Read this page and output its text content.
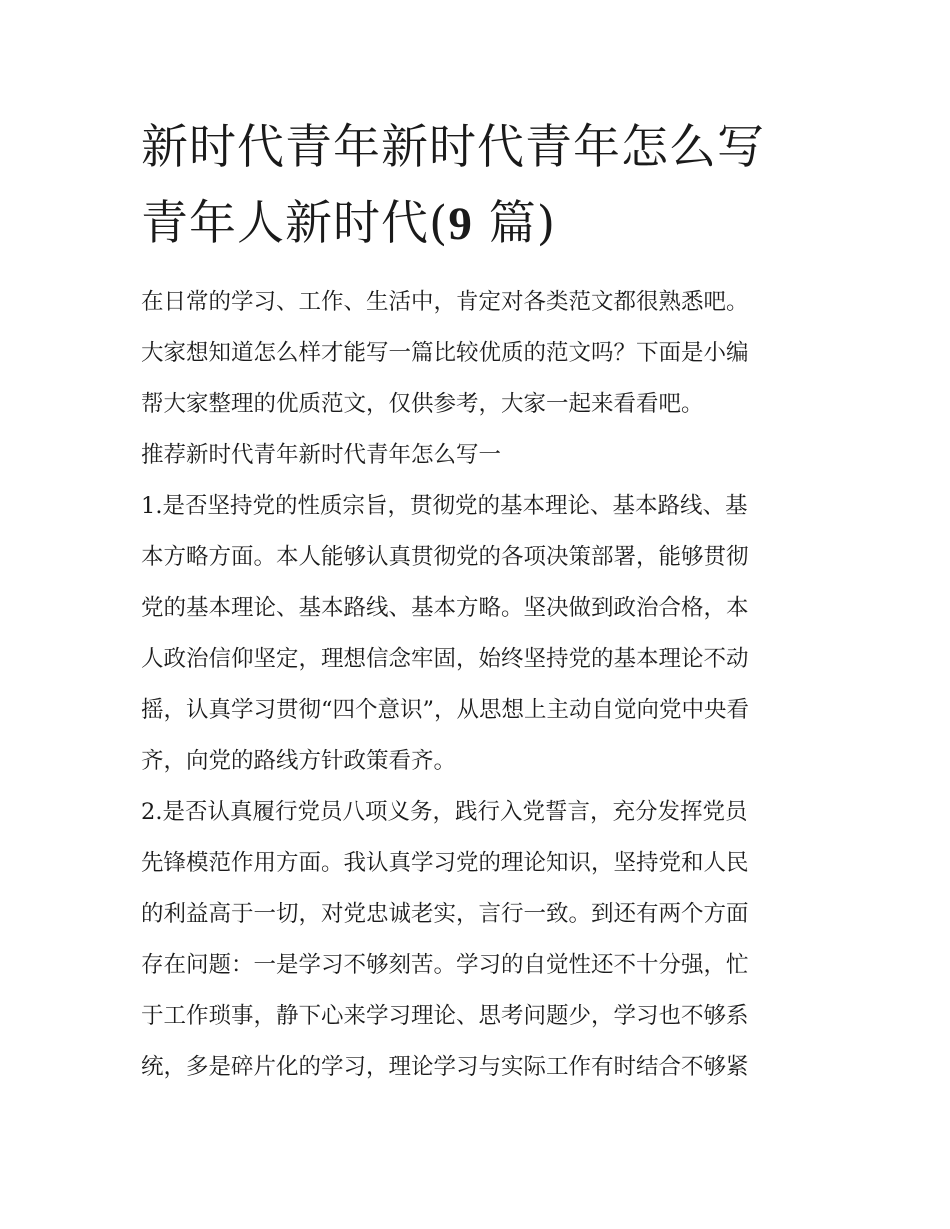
新时代青年新时代青年怎么写
青年人新时代(9 篇)
在日常的学习、工作、生活中，肯定对各类范文都很熟悉吧。
大家想知道怎么样才能写一篇比较优质的范文吗？下面是小编
帮大家整理的优质范文，仅供参考，大家一起来看看吧。
推荐新时代青年新时代青年怎么写一
1.是否坚持党的性质宗旨，贯彻党的基本理论、基本路线、基
本方略方面。本人能够认真贯彻党的各项决策部署，能够贯彻
党的基本理论、基本路线、基本方略。坚决做到政治合格，本
人政治信仰坚定，理想信念牢固，始终坚持党的基本理论不动
摇，认真学习贯彻“四个意识”，从思想上主动自觉向党中央看
齐，向党的路线方针政策看齐。
2.是否认真履行党员八项义务，践行入党誓言，充分发挥党员
先锋模范作用方面。我认真学习党的理论知识，坚持党和人民
的利益高于一切，对党忠诚老实，言行一致。到还有两个方面
存在问题：一是学习不够刻苦。学习的自觉性还不十分强，忙
于工作琐事，静下心来学习理论、思考问题少，学习也不够系
统，多是碎片化的学习，理论学习与实际工作有时结合不够紧
